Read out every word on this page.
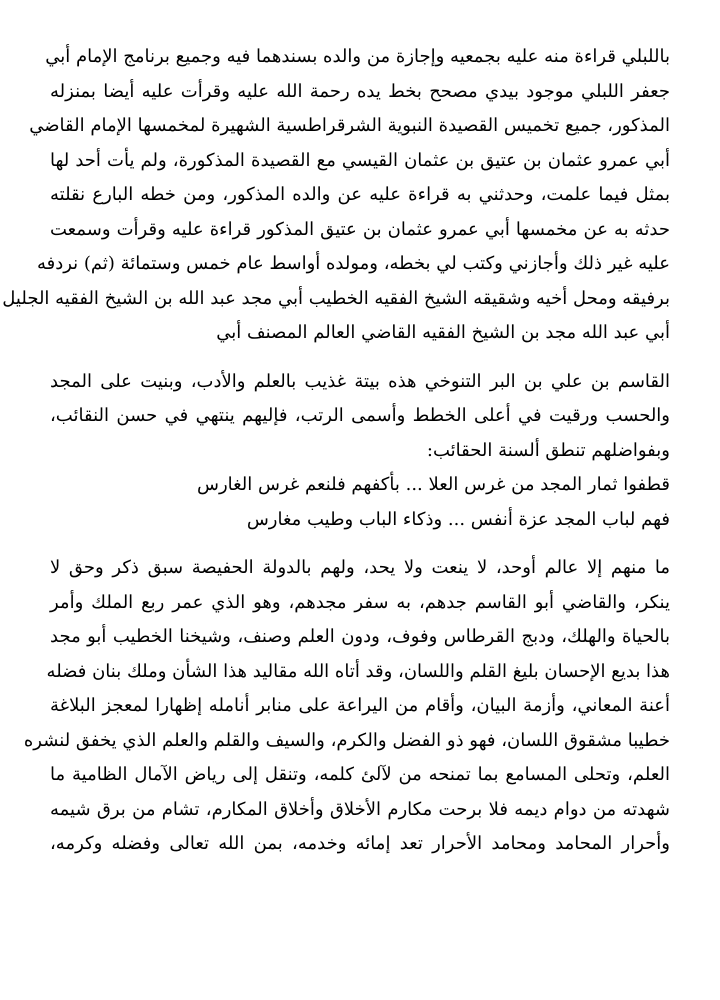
باللبلي قراءة منه عليه بجمعيه وإجازة من والده بسندهما فيه وجميع برنامج الإمام أبي
جعفر اللبلي موجود بيدي مصحح بخط يده رحمة الله عليه وقرأت عليه أيضا بمنزله
المذكور، جميع تخميس القصيدة النبوية الشرقراطسية الشهيرة لمخمسها الإمام القاضي
أبي عمرو عثمان بن عتيق بن عثمان القيسي مع القصيدة المذكورة، ولم يأت أحد لها
بمثل فيما علمت، وحدثني به قراءة عليه عن والده المذكور، ومن خطه البارع نقلته
حدثه به عن مخمسها أبي عمرو عثمان بن عتيق المذكور قراءة عليه وقرأت وسمعت
عليه غير ذلك وأجازني وكتب لي بخطه، ومولده أواسط عام خمس وستمائة (ثم) نردفه
برفيقه ومحل أخيه وشقيقه الشيخ الفقيه الخطيب أبي مجد عبد الله بن الشيخ الفقيه الجليل
أبي عبد الله مجد بن الشيخ الفقيه القاضي العالم المصنف أبي

القاسم بن علي بن البر التنوخي هذه بيتة غذيب بالعلم والأدب، وبنيت على المجد
والحسب ورقيت في أعلى الخطط وأسمى الرتب، فإليهم ينتهي في حسن النقائب،
وبفواضلهم تنطق ألسنة الحقائب:
قطفوا ثمار المجد من غرس العلا ... بأكفهم فلنعم غرس الغارس
فهم لباب المجد عزة أنفس ... وذكاء الباب وطيب مغارس

ما منهم إلا عالم أوحد، لا ينعت ولا يحد، ولهم بالدولة الحفيصة سبق ذكر وحق لا
ينكر، والقاضي أبو القاسم جدهم، به سفر مجدهم، وهو الذي عمر ربع الملك وأمر
بالحياة والهلك، ودبج القرطاس وفوف، ودون العلم وصنف، وشيخنا الخطيب أبو مجد
هذا بديع الإحسان بليغ القلم واللسان، وقد أتاه الله مقاليد هذا الشأن وملك بنان فضله
أعنة المعاني، وأزمة البيان، وأقام من اليراعة على منابر أنامله إظهارا لمعجز البلاغة
خطيبا مشقوق اللسان، فهو ذو الفضل والكرم، والسيف والقلم والعلم الذي يخفق لنشره
العلم، وتحلى المسامع بما تمنحه من لآلئ كلمه، وتنقل إلى رياض الآمال الظامية ما
شهدته من دوام ديمه فلا برحت مكارم الأخلاق وأخلاق المكارم، تشام من برق شيمه
وأحرار المحامد ومحامد الأحرار تعد إمائه وخدمه، بمن الله تعالى وفضله وكرمه،
